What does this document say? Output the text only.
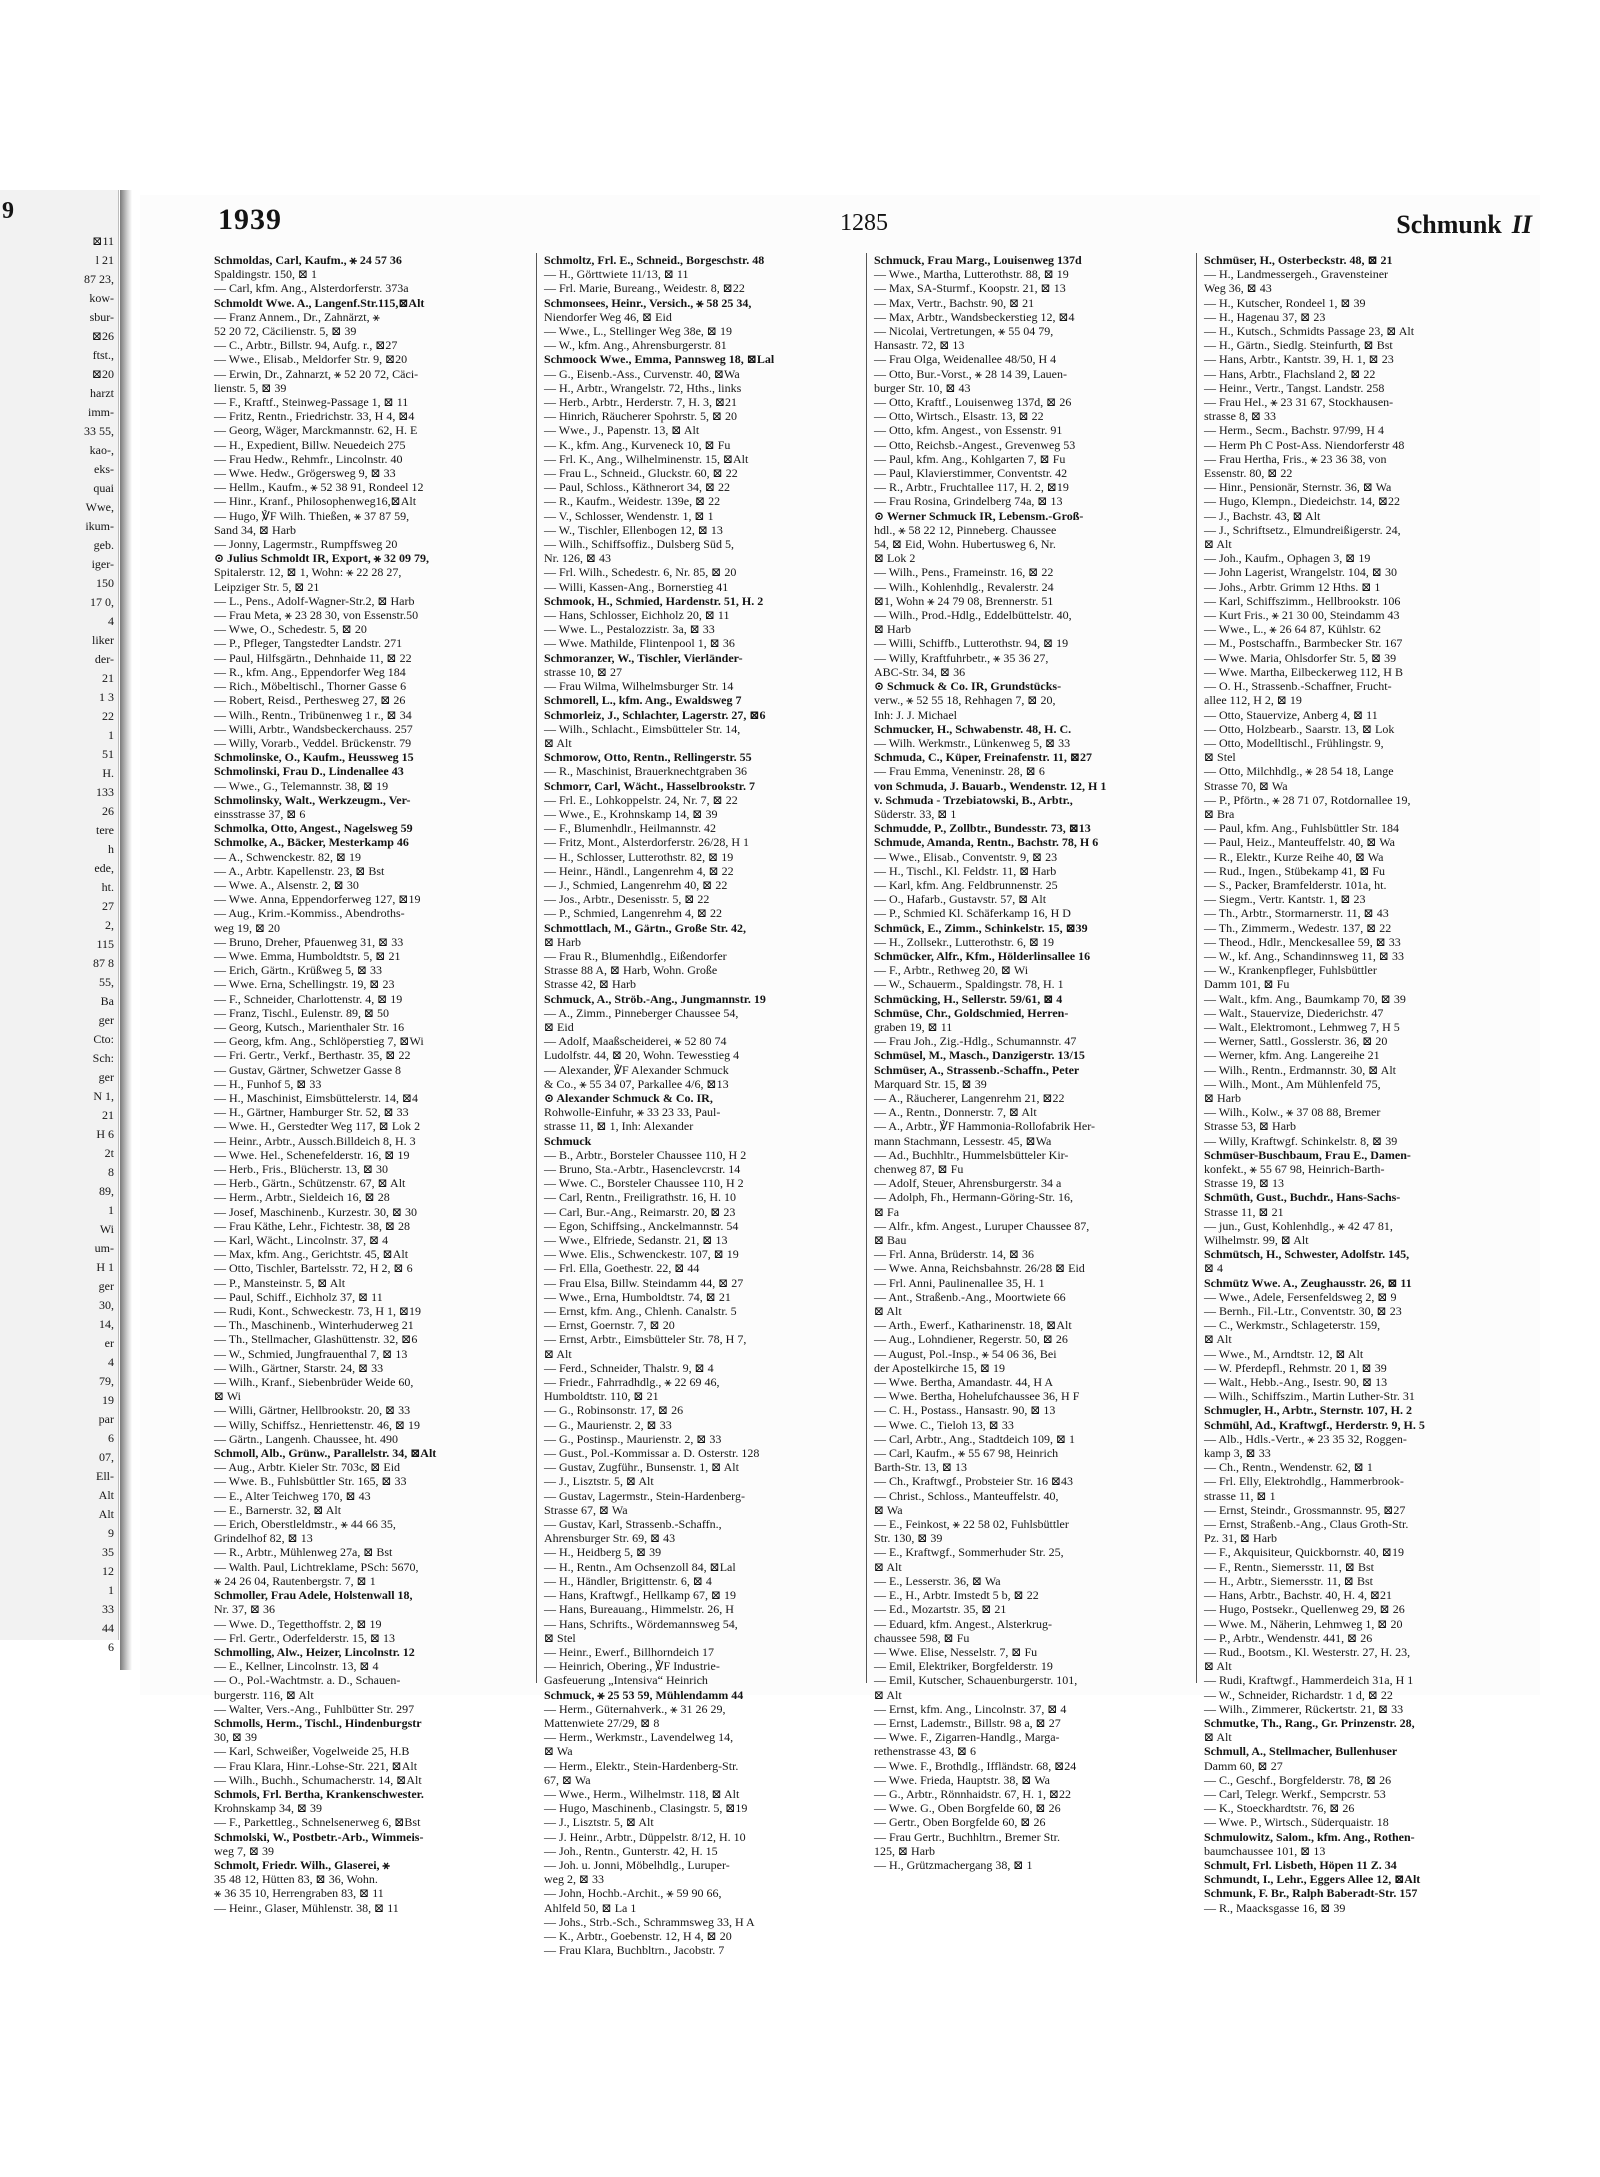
9
⊠11
l 21
87 23,
kow-
sbur-
⊠26
ftst.,
⊠20
harzt
imm-
33 55,
kao-,
eks-
quai
Wwe,
ikum-
geb.
iger-
150
17 0,
4
liker
der-
21
1 3
22
1
51
H.
133
26
tere
h
ede,
ht.
27
2,
115
87 8
55,
Ba
ger
Cto:
Sch:
ger
N 1,
21
H 6
2t
8
89,
1
Wi
um-
H 1
ger
30,
14,
er
4
79,
19
par
6
07,
Ell-
Alt
Alt
9
35
12
1
33
44
6
1939	1285	Schmunk II

Schmoldas, Carl, Kaufm., ⚹ 24 57 36

Spaldingstr. 150, ⊠ 1

— Carl, kfm. Ang., Alsterdorferstr. 373a

Schmoldt Wwe. A., Langenf.Str.115,⊠Alt

— Franz Annem., Dr., Zahnärzt, ⚹

52 20 72, Cäcilienstr. 5, ⊠ 39

— C., Arbtr., Billstr. 94, Aufg. r., ⊠27

— Wwe., Elisab., Meldorfer Str. 9, ⊠20

— Erwin, Dr., Zahnarzt, ⚹ 52 20 72, Cäci-

lienstr. 5, ⊠ 39

— F., Kraftf., Steinweg-Passage 1, ⊠ 11

— Fritz, Rentn., Friedrichstr. 33, H 4, ⊠4

— Georg, Wäger, Marckmannstr. 62, H. E

— H., Expedient, Billw. Neuedeich 275

— Frau Hedw., Rehmfr., Lincolnstr. 40

— Wwe. Hedw., Grögersweg 9, ⊠ 33

— Hellm., Kaufm., ⚹ 52 38 91, Rondeel 12

— Hinr., Kranf., Philosophenweg16,⊠Alt

— Hugo, ℣F Wilh. Thießen, ⚹ 37 87 59,

Sand 34, ⊠ Harb

— Jonny, Lagermstr., Rumpffsweg 20

⊙ Julius Schmoldt IR, Export, ⚹ 32 09 79,

Spitalerstr. 12, ⊠ 1, Wohn: ⚹ 22 28 27,

Leipziger Str. 5, ⊠ 21

— L., Pens., Adolf-Wagner-Str.2, ⊠ Harb

— Frau Meta, ⚹ 23 28 30, von Essenstr.50

— Wwe, O., Schedestr. 5, ⊠ 20

— P., Pfleger, Tangstedter Landstr. 271

— Paul, Hilfsgärtn., Dehnhaide 11, ⊠ 22

— R., kfm. Ang., Eppendorfer Weg 184

— Rich., Möbeltischl., Thorner Gasse 6

— Robert, Reisd., Perthesweg 27, ⊠ 26

— Wilh., Rentn., Tribünenweg 1 r., ⊠ 34

— Willi, Arbtr., Wandsbeckerchauss. 257

— Willy, Vorarb., Veddel. Brückenstr. 79

Schmolinske, O., Kaufm., Heussweg 15

Schmolinski, Frau D., Lindenallee 43

— Wwe., G., Telemannstr. 38, ⊠ 19

Schmolinsky, Walt., Werkzeugm., Ver-

einsstrasse 37, ⊠ 6

Schmolka, Otto, Angest., Nagelsweg 59

Schmolke, A., Bäcker, Mesterkamp 46

— A., Schwenckestr. 82, ⊠ 19

— A., Arbtr. Kapellenstr. 23, ⊠ Bst

— Wwe. A., Alsenstr. 2, ⊠ 30

— Wwe. Anna, Eppendorferweg 127, ⊠19

— Aug., Krim.-Kommiss., Abendroths-

weg 19, ⊠ 20

— Bruno, Dreher, Pfauenweg 31, ⊠ 33

— Wwe. Emma, Humboldtstr. 5, ⊠ 21

— Erich, Gärtn., Krüßweg 5, ⊠ 33

— Wwe. Erna, Schellingstr. 19, ⊠ 23

— F., Schneider, Charlottenstr. 4, ⊠ 19

— Franz, Tischl., Eulenstr. 89, ⊠ 50

— Georg, Kutsch., Marienthaler Str. 16

— Georg, kfm. Ang., Schlöperstieg 7, ⊠Wi

— Fri. Gertr., Verkf., Berthastr. 35, ⊠ 22

— Gustav, Gärtner, Schwetzer Gasse 8

— H., Funhof 5, ⊠ 33

— H., Maschinist, Eimsbüttelerstr. 14, ⊠4

— H., Gärtner, Hamburger Str. 52, ⊠ 33

— Wwe. H., Gerstedter Weg 117, ⊠ Lok 2

— Heinr., Arbtr., Aussch.Billdeich 8, H. 3

— Wwe. Hel., Schenefelderstr. 16, ⊠ 19

— Herb., Fris., Blücherstr. 13, ⊠ 30

— Herb., Gärtn., Schützenstr. 67, ⊠ Alt

— Herm., Arbtr., Sieldeich 16, ⊠ 28

— Josef, Maschinenb., Kurzestr. 30, ⊠ 30

— Frau Käthe, Lehr., Fichtestr. 38, ⊠ 28

— Karl, Wächt., Lincolnstr. 37, ⊠ 4

— Max, kfm. Ang., Gerichtstr. 45, ⊠Alt

— Otto, Tischler, Bartelsstr. 72, H 2, ⊠ 6

— P., Mansteinstr. 5, ⊠ Alt

— Paul, Schiff., Eichholz 37, ⊠ 11

— Rudi, Kont., Schweckestr. 73, H 1, ⊠19

— Th., Maschinenb., Winterhuderweg 21

— Th., Stellmacher, Glashüttenstr. 32, ⊠6

— W., Schmied, Jungfrauenthal 7, ⊠ 13

— Wilh., Gärtner, Starstr. 24, ⊠ 33

— Wilh., Kranf., Siebenbrüder Weide 60,

⊠ Wi

— Willi, Gärtner, Hellbrookstr. 20, ⊠ 33

— Willy, Schiffsz., Henriettenstr. 46, ⊠ 19

— Gärtn., Langenh. Chaussee, ht. 490

Schmoll, Alb., Grünw., Parallelstr. 34, ⊠Alt

— Aug., Arbtr. Kieler Str. 703c, ⊠ Eid

— Wwe. B., Fuhlsbüttler Str. 165, ⊠ 33

— E., Alter Teichweg 170, ⊠ 43

— E., Barnerstr. 32, ⊠ Alt

— Erich, Oberstleldmstr., ⚹ 44 66 35,

Grindelhof 82, ⊠ 13

— R., Arbtr., Mühlenweg 27a, ⊠ Bst

— Walth. Paul, Lichtreklame, PSch: 5670,

⚹ 24 26 04, Rautenbergstr. 7, ⊠ 1

Schmoller, Frau Adele, Holstenwall 18,

Nr. 37, ⊠ 36

— Wwe. D., Tegetthoffstr. 2, ⊠ 19

— Frl. Gertr., Oderfelderstr. 15, ⊠ 13

Schmolling, Alw., Heizer, Lincolnstr. 12

— E., Kellner, Lincolnstr. 13, ⊠ 4

— O., Pol.-Wachtmstr. a. D., Schauen-

burgerstr. 116, ⊠ Alt

— Walter, Vers.-Ang., Fuhlbütter Str. 297

Schmolls, Herm., Tischl., Hindenburgstr

30, ⊠ 39

— Karl, Schweißer, Vogelweide 25, H.B

— Frau Klara, Hinr.-Lohse-Str. 221, ⊠Alt

— Wilh., Buchh., Schumacherstr. 14, ⊠Alt

Schmols, Frl. Bertha, Krankenschwester.

Krohnskamp 34, ⊠ 39

— F., Parkettleg., Schnelsenerweg 6, ⊠Bst

Schmolski, W., Postbetr.-Arb., Wimmeis-

weg 7, ⊠ 39

Schmolt, Friedr. Wilh., Glaserei, ⚹

35 48 12, Hütten 83, ⊠ 36, Wohn.

⚹ 36 35 10, Herrengraben 83, ⊠ 11

— Heinr., Glaser, Mühlenstr. 38, ⊠ 11

Schmoltz, Frl. E., Schneid., Borgeschstr. 48

— H., Görttwiete 11/13, ⊠ 11

— Frl. Marie, Bureang., Weidestr. 8, ⊠22

Schmonsees, Heinr., Versich., ⚹ 58 25 34,

Niendorfer Weg 46, ⊠ Eid

— Wwe., L., Stellinger Weg 38e, ⊠ 19

— W., kfm. Ang., Ahrensburgerstr. 81

Schmoock Wwe., Emma, Pannsweg 18, ⊠Lal

— G., Eisenb.-Ass., Curvenstr. 40, ⊠Wa

— H., Arbtr., Wrangelstr. 72, Hths., links

— Herb., Arbtr., Herderstr. 7, H. 3, ⊠21

— Hinrich, Räucherer Spohrstr. 5, ⊠ 20

— Wwe., J., Papenstr. 13, ⊠ Alt

— K., kfm. Ang., Kurveneck 10, ⊠ Fu

— Frl. K., Ang., Wilhelminenstr. 15, ⊠Alt

— Frau L., Schneid., Gluckstr. 60, ⊠ 22

— Paul, Schloss., Käthnerort 34, ⊠ 22

— R., Kaufm., Weidestr. 139e, ⊠ 22

— V., Schlosser, Wendenstr. 1, ⊠ 1

— W., Tischler, Ellenbogen 12, ⊠ 13

— Wilh., Schiffsoffiz., Dulsberg Süd 5,

Nr. 126, ⊠ 43

— Frl. Wilh., Schedestr. 6, Nr. 85, ⊠ 20

— Willi, Kassen-Ang., Bornerstieg 41

Schmook, H., Schmied, Hardenstr. 51, H. 2

— Hans, Schlosser, Eichholz 20, ⊠ 11

— Wwe. L., Pestalozzistr. 3a, ⊠ 33

— Wwe. Mathilde, Flintenpool 1, ⊠ 36

Schmoranzer, W., Tischler, Vierländer-

strasse 10, ⊠ 27

— Frau Wilma, Wilhelmsburger Str. 14

Schmorell, L., kfm. Ang., Ewaldsweg 7

Schmorleiz, J., Schlachter, Lagerstr. 27, ⊠6

— Wilh., Schlacht., Eimsbütteler Str. 14,

⊠ Alt

Schmorow, Otto, Rentn., Rellingerstr. 55

— R., Maschinist, Brauerknechtgraben 36

Schmorr, Carl, Wächt., Hasselbrookstr. 7

— Frl. E., Lohkoppelstr. 24, Nr. 7, ⊠ 22

— Wwe., E., Krohnskamp 14, ⊠ 39

— F., Blumenhdlr., Heilmannstr. 42

— Fritz, Mont., Alsterdorferstr. 26/28, H 1

— H., Schlosser, Lutterothstr. 82, ⊠ 19

— Heinr., Händl., Langenrehm 4, ⊠ 22

— J., Schmied, Langenrehm 40, ⊠ 22

— Jos., Arbtr., Desenisstr. 5, ⊠ 22

— P., Schmied, Langenrehm 4, ⊠ 22

Schmottlach, M., Gärtn., Große Str. 42,

⊠ Harb

— Frau R., Blumenhdlg., Eißendorfer

Strasse 88 A, ⊠ Harb, Wohn. Große

Strasse 42, ⊠ Harb

Schmuck, A., Ströb.-Ang., Jungmannstr. 19

— A., Zimm., Pinneberger Chaussee 54,

⊠ Eid

— Adolf, Maaßscheiderei, ⚹ 52 80 74

Ludolfstr. 44, ⊠ 20, Wohn. Tewesstieg 4

— Alexander, ℣F Alexander Schmuck

& Co., ⚹ 55 34 07, Parkallee 4/6, ⊠13

⊙ Alexander Schmuck & Co. IR,

Rohwolle-Einfuhr, ⚹ 33 23 33, Paul-

strasse 11, ⊠ 1, Inh: Alexander

Schmuck

— B., Arbtr., Borsteler Chaussee 110, H 2

— Bruno, Sta.-Arbtr., Hasenclevcrstr. 14

— Wwe. C., Borsteler Chaussee 110, H 2

— Carl, Rentn., Freiligrathstr. 16, H. 10

— Carl, Bur.-Ang., Reimarstr. 20, ⊠ 23

— Egon, Schiffsing., Anckelmannstr. 54

— Wwe., Elfriede, Sedanstr. 21, ⊠ 13

— Wwe. Elis., Schwenckestr. 107, ⊠ 19

— Frl. Ella, Goethestr. 22, ⊠ 44

— Frau Elsa, Billw. Steindamm 44, ⊠ 27

— Wwe., Erna, Humboldtstr. 74, ⊠ 21

— Ernst, kfm. Ang., Chlenh. Canalstr. 5

— Ernst, Goernstr. 7, ⊠ 20

— Ernst, Arbtr., Eimsbütteler Str. 78, H 7,

⊠ Alt

— Ferd., Schneider, Thalstr. 9, ⊠ 4

— Friedr., Fahrradhdlg., ⚹ 22 69 46,

Humboldtstr. 110, ⊠ 21

— G., Robinsonstr. 17, ⊠ 26

— G., Maurienstr. 2, ⊠ 33

— G., Postinsp., Maurienstr. 2, ⊠ 33

— Gust., Pol.-Kommissar a. D. Osterstr. 128

— Gustav, Zugführ., Bunsenstr. 1, ⊠ Alt

— J., Lisztstr. 5, ⊠ Alt

— Gustav, Lagermstr., Stein-Hardenberg-

Strasse 67, ⊠ Wa

— Gustav, Karl, Strassenb.-Schaffn.,

Ahrensburger Str. 69, ⊠ 43

— H., Heidberg 5, ⊠ 39

— H., Rentn., Am Ochsenzoll 84, ⊠Lal

— H., Händler, Brigittenstr. 6, ⊠ 4

— Hans, Kraftwgf., Hellkamp 67, ⊠ 19

— Hans, Bureauang., Himmelstr. 26, H

— Hans, Schrifts., Wördemannsweg 54,

⊠ Stel

— Heinr., Ewerf., Billhorndeich 17

— Heinrich, Obering., ℣F Industrie-

Gasfeuerung „Intensiva“ Heinrich

Schmuck, ⚹ 25 53 59, Mühlendamm 44

— Herm., Güternahverk., ⚹ 31 26 29,

Mattenwiete 27/29, ⊠ 8

— Herm., Werkmstr., Lavendelweg 14,

⊠ Wa

— Herm., Elektr., Stein-Hardenberg-Str.

67, ⊠ Wa

— Wwe., Herm., Wilhelmstr. 118, ⊠ Alt

— Hugo, Maschinenb., Clasingstr. 5, ⊠19

— J., Lisztstr. 5, ⊠ Alt

— J. Heinr., Arbtr., Düppelstr. 8/12, H. 10

— Joh., Rentn., Gunterstr. 42, H. 15

— Joh. u. Jonni, Möbelhdlg., Luruper-

weg 2, ⊠ 33

— John, Hochb.-Archit., ⚹ 59 90 66,

Ahlfeld 50, ⊠ La 1

— Johs., Strb.-Sch., Schrammsweg 33, H A

— K., Arbtr., Goebenstr. 12, H 4, ⊠ 20

— Frau Klara, Buchbltrn., Jacobstr. 7

Schmuck, Frau Marg., Louisenweg 137d

— Wwe., Martha, Lutterothstr. 88, ⊠ 19

— Max, SA-Sturmf., Koopstr. 21, ⊠ 13

— Max, Vertr., Bachstr. 90, ⊠ 21

— Max, Arbtr., Wandsbeckerstieg 12, ⊠4

— Nicolai, Vertretungen, ⚹ 55 04 79,

Hansastr. 72, ⊠ 13

— Frau Olga, Weidenallee 48/50, H 4

— Otto, Bur.-Vorst., ⚹ 28 14 39, Lauen-

burger Str. 10, ⊠ 43

— Otto, Kraftf., Louisenweg 137d, ⊠ 26

— Otto, Wirtsch., Elsastr. 13, ⊠ 22

— Otto, kfm. Angest., von Essenstr. 91

— Otto, Reichsb.-Angest., Grevenweg 53

— Paul, kfm. Ang., Kohlgarten 7, ⊠ Fu

— Paul, Klavierstimmer, Conventstr. 42

— R., Arbtr., Fruchtallee 117, H. 2, ⊠19

— Frau Rosina, Grindelberg 74a, ⊠ 13

⊙ Werner Schmuck IR, Lebensm.-Groß-

hdl., ⚹ 58 22 12, Pinneberg. Chaussee

54, ⊠ Eid, Wohn. Hubertusweg 6, Nr.

⊠ Lok 2

— Wilh., Pens., Frameinstr. 16, ⊠ 22

— Wilh., Kohlenhdlg., Revalerstr. 24

⊠1, Wohn ⚹ 24 79 08, Brennerstr. 51

— Wilh., Prod.-Hdlg., Eddelbüttelstr. 40,

⊠ Harb

— Willi, Schiffb., Lutterothstr. 94, ⊠ 19

— Willy, Kraftfuhrbetr., ⚹ 35 36 27,

ABC-Str. 34, ⊠ 36

⊙ Schmuck & Co. IR, Grundstücks-

verw., ⚹ 52 55 18, Rehhagen 7, ⊠ 20,

Inh: J. J. Michael

Schmucker, H., Schwabenstr. 48, H. C.

— Wilh. Werkmstr., Lünkenweg 5, ⊠ 33

Schmuda, C., Küper, Freinafenstr. 11, ⊠27

— Frau Emma, Veneninstr. 28, ⊠ 6

von Schmuda, J. Bauarb., Wendenstr. 12, H 1

v. Schmuda - Trzebiatowski, B., Arbtr.,

Süderstr. 33, ⊠ 1

Schmudde, P., Zollbtr., Bundesstr. 73, ⊠13

Schmude, Amanda, Rentn., Bachstr. 78, H 6

— Wwe., Elisab., Conventstr. 9, ⊠ 23

— H., Tischl., Kl. Feldstr. 11, ⊠ Harb

— Karl, kfm. Ang. Feldbrunnenstr. 25

— O., Hafarb., Gustavstr. 57, ⊠ Alt

— P., Schmied Kl. Schäferkamp 16, H D

Schmück, E., Zimm., Schinkelstr. 15, ⊠39

— H., Zollsekr., Lutterothstr. 6, ⊠ 19

Schmücker, Alfr., Kfm., Hölderlinsallee 16

— F., Arbtr., Rethweg 20, ⊠ Wi

— W., Schauerm., Spaldingstr. 78, H. 1

Schmücking, H., Sellerstr. 59/61, ⊠ 4

Schmüse, Chr., Goldschmied, Herren-

graben 19, ⊠ 11

— Frau Joh., Zig.-Hdlg., Schumannstr. 47

Schmüsel, M., Masch., Danzigerstr. 13/15

Schmüser, A., Strassenb.-Schaffn., Peter

Marquard Str. 15, ⊠ 39

— A., Räucherer, Langenrehm 21, ⊠22

— A., Rentn., Donnerstr. 7, ⊠ Alt

— A., Arbtr., ℣F Hammonia-Rollofabrik Her-

mann Stachmann, Lessestr. 45, ⊠Wa

— Ad., Buchhltr., Hummelsbütteler Kir-

chenweg 87, ⊠ Fu

— Adolf, Steuer, Ahrensburgerstr. 34 a

— Adolph, Fh., Hermann-Göring-Str. 16,

⊠ Fa

— Alfr., kfm. Angest., Luruper Chaussee 87,

⊠ Bau

— Frl. Anna, Brüderstr. 14, ⊠ 36

— Wwe. Anna, Reichsbahnstr. 26/28 ⊠ Eid

— Frl. Anni, Paulinenallee 35, H. 1

— Ant., Straßenb.-Ang., Moortwiete 66

⊠ Alt

— Arth., Ewerf., Katharinenstr. 18, ⊠Alt

— Aug., Lohndiener, Regerstr. 50, ⊠ 26

— August, Pol.-Insp., ⚹ 54 06 36, Bei

der Apostelkirche 15, ⊠ 19

— Wwe. Bertha, Amandastr. 44, H A

— Wwe. Bertha, Hohelufchaussee 36, H F

— C. H., Postass., Hansastr. 90, ⊠ 13

— Wwe. C., Tieloh 13, ⊠ 33

— Carl, Arbtr., Ang., Stadtdeich 109, ⊠ 1

— Carl, Kaufm., ⚹ 55 67 98, Heinrich

Barth-Str. 13, ⊠ 13

— Ch., Kraftwgf., Probsteier Str. 16 ⊠43

— Christ., Schloss., Manteuffelstr. 40,

⊠ Wa

— E., Feinkost, ⚹ 22 58 02, Fuhlsbüttler

Str. 130, ⊠ 39

— E., Kraftwgf., Sommerhuder Str. 25,

⊠ Alt

— E., Lesserstr. 36, ⊠ Wa

— E., H., Arbtr. Imstedt 5 b, ⊠ 22

— Ed., Mozartstr. 35, ⊠ 21

— Eduard, kfm. Angest., Alsterkrug-

chaussee 598, ⊠ Fu

— Wwe. Elise, Nesselstr. 7, ⊠ Fu

— Emil, Elektriker, Borgfelderstr. 19

— Emil, Kutscher, Schauenburgerstr. 101,

⊠ Alt

— Ernst, kfm. Ang., Lincolnstr. 37, ⊠ 4

— Ernst, Lademstr., Billstr. 98 a, ⊠ 27

— Wwe. F., Zigarren-Handlg., Marga-

rethenstrasse 43, ⊠ 6

— Wwe. F., Brothdlg., Iffländstr. 68, ⊠24

— Wwe. Frieda, Hauptstr. 38, ⊠ Wa

— G., Arbtr., Rönnhaidstr. 67, H. 1, ⊠22

— Wwe. G., Oben Borgfelde 60, ⊠ 26

— Gertr., Oben Borgfelde 60, ⊠ 26

— Frau Gertr., Buchhltrn., Bremer Str.

125, ⊠ Harb

— H., Grützmachergang 38, ⊠ 1

Schmüser, H., Osterbeckstr. 48, ⊠ 21

— H., Landmessergeh., Gravensteiner

Weg 36, ⊠ 43

— H., Kutscher, Rondeel 1, ⊠ 39

— H., Hagenau 37, ⊠ 23

— H., Kutsch., Schmidts Passage 23, ⊠ Alt

— H., Gärtn., Siedlg. Steinfurth, ⊠ Bst

— Hans, Arbtr., Kantstr. 39, H. 1, ⊠ 23

— Hans, Arbtr., Flachsland 2, ⊠ 22

— Heinr., Vertr., Tangst. Landstr. 258

— Frau Hel., ⚹ 23 31 67, Stockhausen-

strasse 8, ⊠ 33

— Herm., Secm., Bachstr. 97/99, H 4

— Herm Ph C Post-Ass. Niendorferstr 48

— Frau Hertha, Fris., ⚹ 23 36 38, von

Essenstr. 80, ⊠ 22

— Hinr., Pensionär, Sternstr. 36, ⊠ Wa

— Hugo, Klempn., Diedeichstr. 14, ⊠22

— J., Bachstr. 43, ⊠ Alt

— J., Schriftsetz., Elmundreißigerstr. 24,

⊠ Alt

— Joh., Kaufm., Ophagen 3, ⊠ 19

— John Lagerist, Wrangelstr. 104, ⊠ 30

— Johs., Arbtr. Grimm 12 Hths. ⊠ 1

— Karl, Schiffszimm., Hellbrookstr. 106

— Kurt Fris., ⚹ 21 30 00, Steindamm 43

— Wwe., L., ⚹ 26 64 87, Kühlstr. 62

— M., Postschaffn., Barmbecker Str. 167

— Wwe. Maria, Ohlsdorfer Str. 5, ⊠ 39

— Wwe. Martha, Eilbeckerweg 112, H B

— O. H., Strassenb.-Schaffner, Frucht-

allee 112, H 2, ⊠ 19

— Otto, Stauervize, Anberg 4, ⊠ 11

— Otto, Holzbearb., Saarstr. 13, ⊠ Lok

— Otto, Modelltischl., Frühlingstr. 9,

⊠ Stel

— Otto, Milchhdlg., ⚹ 28 54 18, Lange

Strasse 70, ⊠ Wa

— P., Pförtn., ⚹ 28 71 07, Rotdornallee 19,

⊠ Bra

— Paul, kfm. Ang., Fuhlsbüttler Str. 184

— Paul, Heiz., Manteuffelstr. 40, ⊠ Wa

— R., Elektr., Kurze Reihe 40, ⊠ Wa

— Rud., Ingen., Stübekamp 41, ⊠ Fu

— S., Packer, Bramfelderstr. 101a, ht.

— Siegm., Vertr. Kantstr. 1, ⊠ 23

— Th., Arbtr., Stormarnerstr. 11, ⊠ 43

— Th., Zimmerm., Wedestr. 137, ⊠ 22

— Theod., Hdlr., Menckesallee 59, ⊠ 33

— W., kf. Ang., Schandinnsweg 11, ⊠ 33

— W., Krankenpfleger, Fuhlsbüttler

Damm 101, ⊠ Fu

— Walt., kfm. Ang., Baumkamp 70, ⊠ 39

— Walt., Stauervize, Diederichstr. 47

— Walt., Elektromont., Lehmweg 7, H 5

— Werner, Sattl., Gosslerstr. 36, ⊠ 20

— Werner, kfm. Ang. Langereihe 21

— Wilh., Rentn., Erdmannstr. 30, ⊠ Alt

— Wilh., Mont., Am Mühlenfeld 75,

⊠ Harb

— Wilh., Kolw., ⚹ 37 08 88, Bremer

Strasse 53, ⊠ Harb

— Willy, Kraftwgf. Schinkelstr. 8, ⊠ 39

Schmüser-Buschbaum, Frau E., Damen-

konfekt., ⚹ 55 67 98, Heinrich-Barth-

Strasse 19, ⊠ 13

Schmüth, Gust., Buchdr., Hans-Sachs-

Strasse 11, ⊠ 21

— jun., Gust, Kohlenhdlg., ⚹ 42 47 81,

Wilhelmstr. 99, ⊠ Alt

Schmütsch, H., Schwester, Adolfstr. 145,

⊠ 4

Schmütz Wwe. A., Zeughausstr. 26, ⊠ 11

— Wwe., Adele, Fersenfeldsweg 2, ⊠ 9

— Bernh., Fil.-Ltr., Conventstr. 30, ⊠ 23

— C., Werkmstr., Schlageterstr. 159,

⊠ Alt

— Wwe., M., Arndtstr. 12, ⊠ Alt

— W. Pferdepfl., Rehmstr. 20 1, ⊠ 39

— Walt., Hebb.-Ang., Isestr. 90, ⊠ 13

— Wilh., Schiffszim., Martin Luther-Str. 31

Schmugler, H., Arbtr., Sternstr. 107, H. 2

Schmühl, Ad., Kraftwgf., Herderstr. 9, H. 5

— Alb., Hdls.-Vertr., ⚹ 23 35 32, Roggen-

kamp 3, ⊠ 33

— Ch., Rentn., Wendenstr. 62, ⊠ 1

— Frl. Elly, Elektrohdlg., Hammerbrook-

strasse 11, ⊠ 1

— Ernst, Steindr., Grossmannstr. 95, ⊠27

— Ernst, Straßenb.-Ang., Claus Groth-Str.

Pz. 31, ⊠ Harb

— F., Akquisiteur, Quickbornstr. 40, ⊠19

— F., Rentn., Siemersstr. 11, ⊠ Bst

— H., Arbtr., Siemersstr. 11, ⊠ Bst

— Hans, Arbtr., Bachstr. 40, H. 4, ⊠21

— Hugo, Postsekr., Quellenweg 29, ⊠ 26

— Wwe. M., Näherin, Lehmweg 1, ⊠ 20

— P., Arbtr., Wendenstr. 441, ⊠ 26

— Rud., Bootsm., Kl. Westerstr. 27, H. 23,

⊠ Alt

— Rudi, Kraftwgf., Hammerdeich 31a, H 1

— W., Schneider, Richardstr. 1 d, ⊠ 22

— Wilh., Zimmerer, Rückertstr. 21, ⊠ 33

Schmutke, Th., Rang., Gr. Prinzenstr. 28,

⊠ Alt

Schmull, A., Stellmacher, Bullenhuser

Damm 60, ⊠ 27

— C., Geschf., Borgfelderstr. 78, ⊠ 26

— Carl, Telegr. Werkf., Sempcrstr. 53

— K., Stoeckhardtstr. 76, ⊠ 26

— Wwe. P., Wirtsch., Süderquaistr. 18

Schmulowitz, Salom., kfm. Ang., Rothen-

baumchaussee 101, ⊠ 13

Schmult, Frl. Lisbeth, Höpen 11 Z. 34

Schmundt, I., Lehr., Eggers Allee 12, ⊠Alt

Schmunk, F. Br., Ralph Baberadt-Str. 157

— R., Maacksgasse 16, ⊠ 39
